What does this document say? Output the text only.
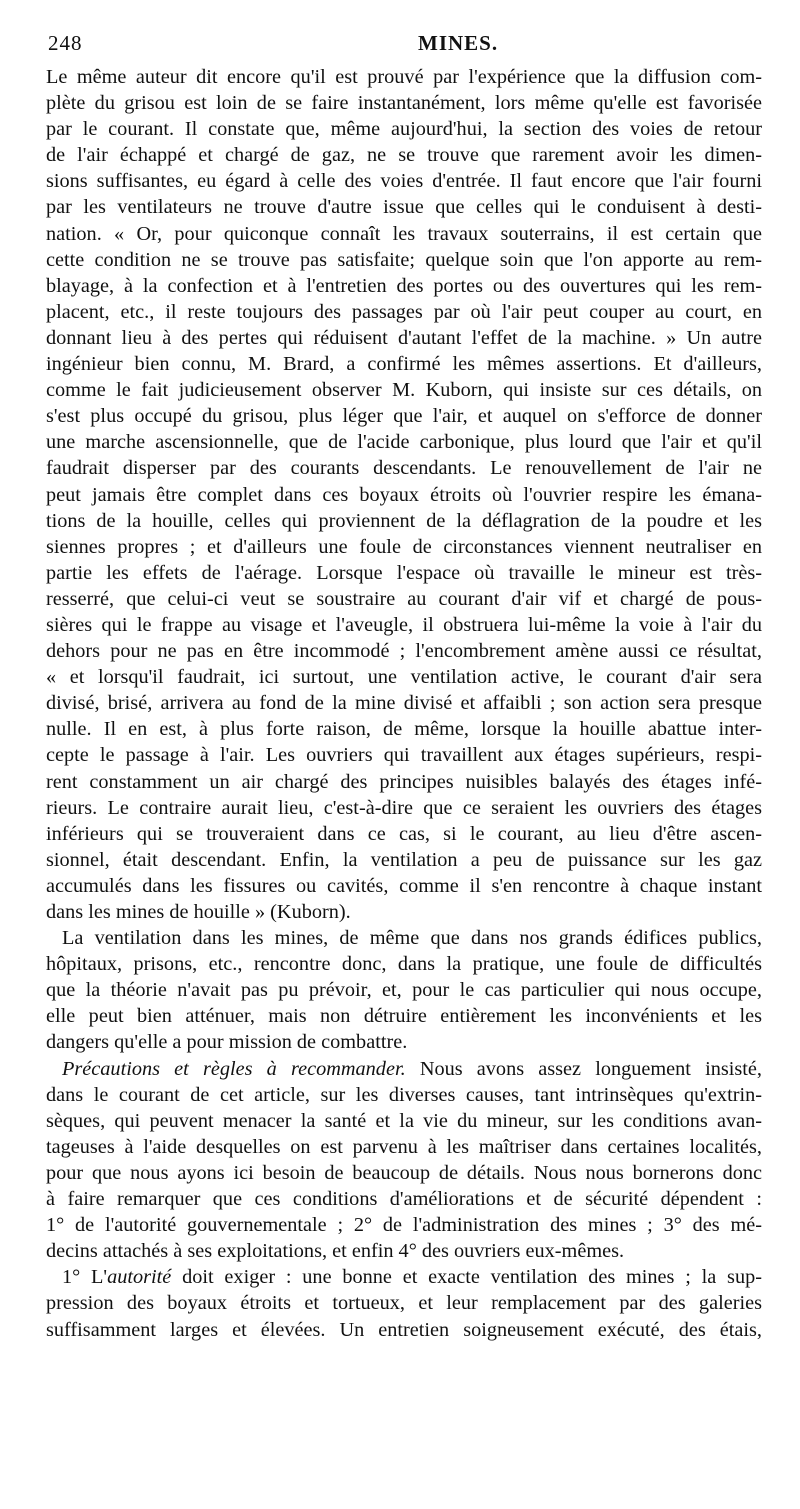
248	MINES.
Le même auteur dit encore qu'il est prouvé par l'expérience que la diffusion com-
plète du grisou est loin de se faire instantanément, lors même qu'elle est favorisée
par le courant. Il constate que, même aujourd'hui, la section des voies de retour
de l'air échappé et chargé de gaz, ne se trouve que rarement avoir les dimen-
sions suffisantes, eu égard à celle des voies d'entrée. Il faut encore que l'air fourni
par les ventilateurs ne trouve d'autre issue que celles qui le conduisent à desti-
nation. « Or, pour quiconque connaît les travaux souterrains, il est certain que
cette condition ne se trouve pas satisfaite; quelque soin que l'on apporte au rem-
blayage, à la confection et à l'entretien des portes ou des ouvertures qui les rem-
placent, etc., il reste toujours des passages par où l'air peut couper au court, en
donnant lieu à des pertes qui réduisent d'autant l'effet de la machine. » Un autre
ingénieur bien connu, M. Brard, a confirmé les mêmes assertions. Et d'ailleurs,
comme le fait judicieusement observer M. Kuborn, qui insiste sur ces détails, on
s'est plus occupé du grisou, plus léger que l'air, et auquel on s'efforce de donner
une marche ascensionnelle, que de l'acide carbonique, plus lourd que l'air et qu'il
faudrait disperser par des courants descendants. Le renouvellement de l'air ne
peut jamais être complet dans ces boyaux étroits où l'ouvrier respire les émana-
tions de la houille, celles qui proviennent de la déflagration de la poudre et les
siennes propres ; et d'ailleurs une foule de circonstances viennent neutraliser en
partie les effets de l'aérage. Lorsque l'espace où travaille le mineur est très-
resserré, que celui-ci veut se soustraire au courant d'air vif et chargé de pous-
sières qui le frappe au visage et l'aveugle, il obstruera lui-même la voie à l'air du
dehors pour ne pas en être incommodé ; l'encombrement amène aussi ce résultat,
« et lorsqu'il faudrait, ici surtout, une ventilation active, le courant d'air sera
divisé, brisé, arrivera au fond de la mine divisé et affaibli ; son action sera presque
nulle. Il en est, à plus forte raison, de même, lorsque la houille abattue inter-
cepte le passage à l'air. Les ouvriers qui travaillent aux étages supérieurs, respi-
rent constamment un air chargé des principes nuisibles balayés des étages infé-
rieurs. Le contraire aurait lieu, c'est-à-dire que ce seraient les ouvriers des étages
inférieurs qui se trouveraient dans ce cas, si le courant, au lieu d'être ascen-
sionnel, était descendant. Enfin, la ventilation a peu de puissance sur les gaz
accumulés dans les fissures ou cavités, comme il s'en rencontre à chaque instant
dans les mines de houille » (Kuborn).
La ventilation dans les mines, de même que dans nos grands édifices publics,
hôpitaux, prisons, etc., rencontre donc, dans la pratique, une foule de difficultés
que la théorie n'avait pas pu prévoir, et, pour le cas particulier qui nous occupe,
elle peut bien atténuer, mais non détruire entièrement les inconvénients et les
dangers qu'elle a pour mission de combattre.
Précautions et règles à recommander. Nous avons assez longuement insisté,
dans le courant de cet article, sur les diverses causes, tant intrinsèques qu'extrin-
sèques, qui peuvent menacer la santé et la vie du mineur, sur les conditions avan-
tageuses à l'aide desquelles on est parvenu à les maîtriser dans certaines localités,
pour que nous ayons ici besoin de beaucoup de détails. Nous nous bornerons donc
à faire remarquer que ces conditions d'améliorations et de sécurité dépendent :
1° de l'autorité gouvernementale ; 2° de l'administration des mines ; 3° des mé-
decins attachés à ses exploitations, et enfin 4° des ouvriers eux-mêmes.
1° L'autorité doit exiger : une bonne et exacte ventilation des mines ; la sup-
pression des boyaux étroits et tortueux, et leur remplacement par des galeries
suffisamment larges et élevées. Un entretien soigneusement exécuté, des étais,
